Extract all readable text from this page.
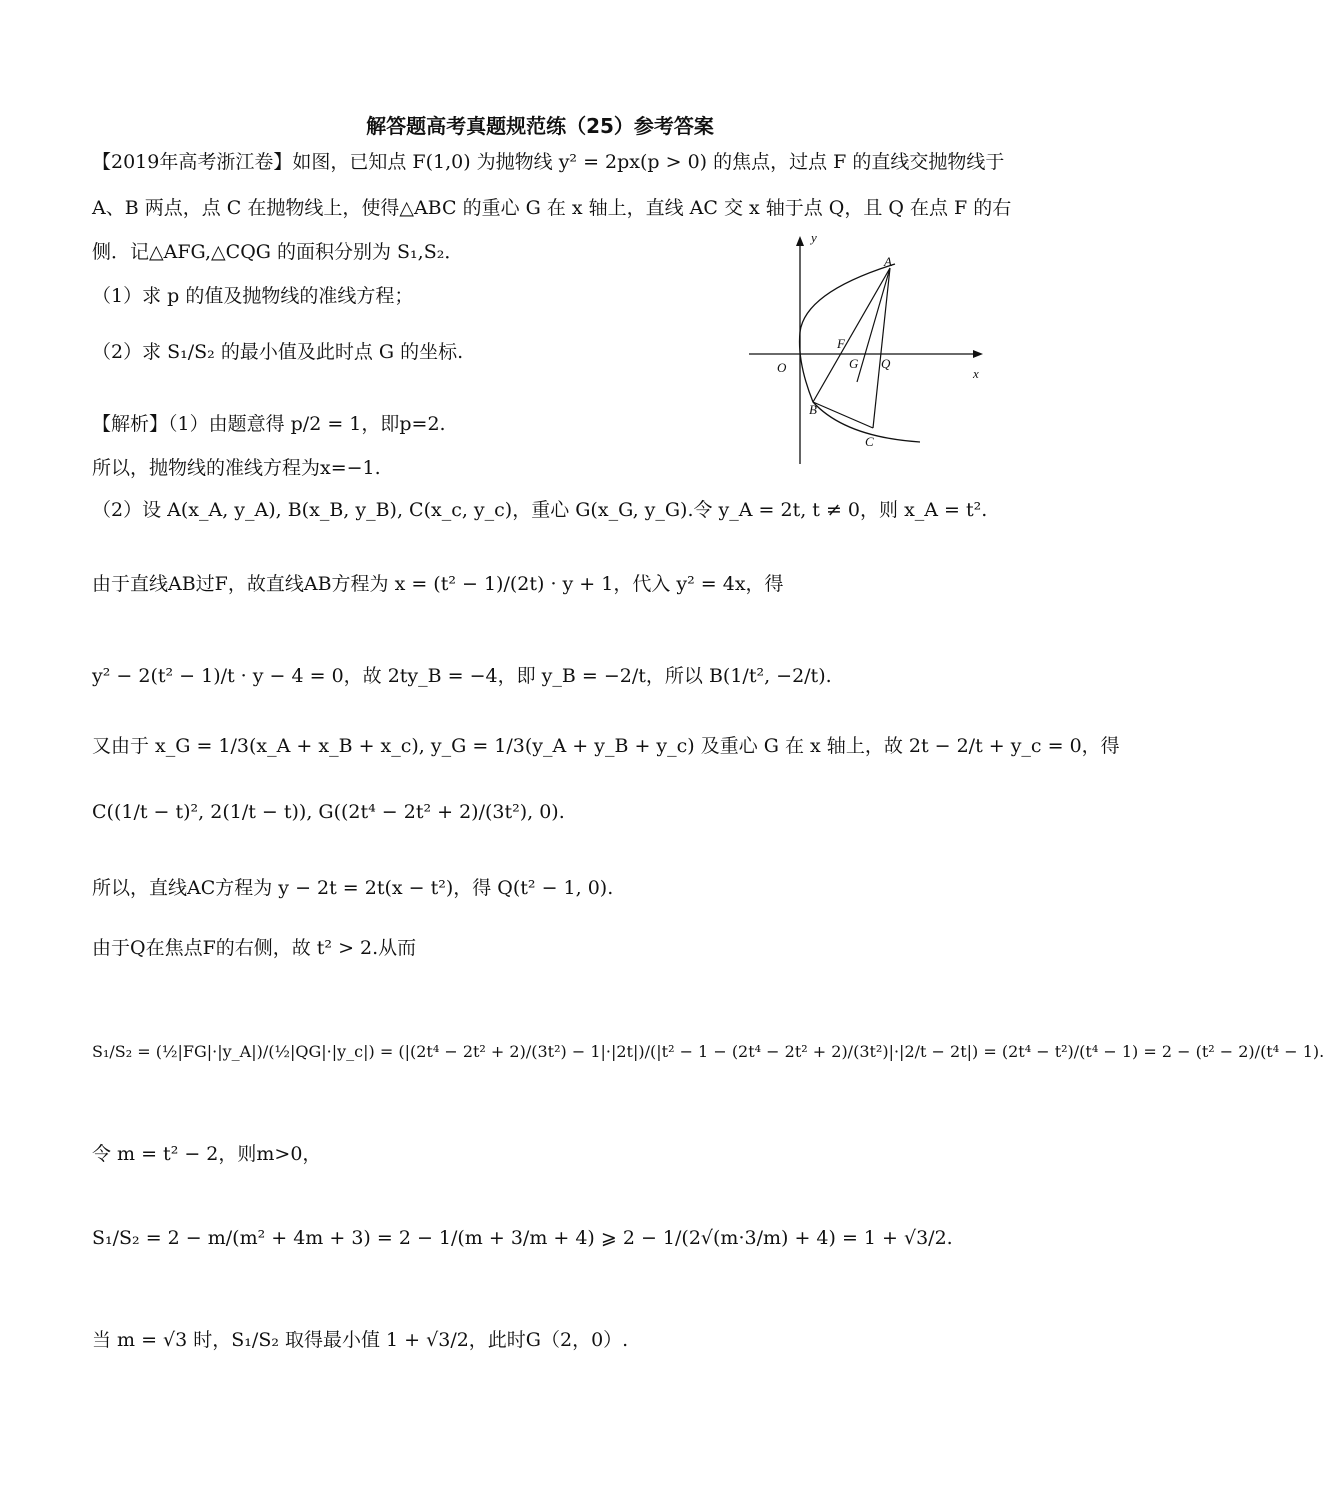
解答题高考真题规范练（25）参考答案
【2019年高考浙江卷】如图，已知点 F(1,0) 为抛物线 y² = 2px(p > 0) 的焦点，过点 F 的直线交抛物线于
A、B 两点，点 C 在抛物线上，使得△ABC 的重心 G 在 x 轴上，直线 AC 交 x 轴于点 Q，且 Q 在点 F 的右
侧．记△AFG,△CQG 的面积分别为 S₁,S₂．
（1）求 p 的值及抛物线的准线方程；
（2）求 S₁/S₂ 的最小值及此时点 G 的坐标.
y
x
O
A
B
C
F
G Q
【解析】（1）由题意得 p/2 = 1，即p=2.
所以，抛物线的准线方程为x=−1.
（2）设 A(x_A, y_A), B(x_B, y_B), C(x_c, y_c)，重心 G(x_G, y_G).令 y_A = 2t, t ≠ 0，则 x_A = t².
由于直线AB过F，故直线AB方程为 x = (t² − 1)/(2t) · y + 1，代入 y² = 4x，得
y² − 2(t² − 1)/t · y − 4 = 0，故 2ty_B = −4，即 y_B = −2/t，所以 B(1/t², −2/t).
又由于 x_G = 1/3(x_A + x_B + x_c), y_G = 1/3(y_A + y_B + y_c) 及重心 G 在 x 轴上，故 2t − 2/t + y_c = 0，得
C((1/t − t)², 2(1/t − t)), G((2t⁴ − 2t² + 2)/(3t²), 0).
所以，直线AC方程为 y − 2t = 2t(x − t²)，得 Q(t² − 1, 0).
由于Q在焦点F的右侧，故 t² > 2.从而
S₁/S₂ = (½|FG|·|y_A|)/(½|QG|·|y_c|) = (|(2t⁴ − 2t² + 2)/(3t²) − 1|·|2t|)/(|t² − 1 − (2t⁴ − 2t² + 2)/(3t²)|·|2/t − 2t|) = (2t⁴ − t²)/(t⁴ − 1) = 2 − (t² − 2)/(t⁴ − 1).
令 m = t² − 2，则m>0，
S₁/S₂ = 2 − m/(m² + 4m + 3) = 2 − 1/(m + 3/m + 4) ⩾ 2 − 1/(2√(m·3/m) + 4) = 1 + √3/2.
当 m = √3 时，S₁/S₂ 取得最小值 1 + √3/2，此时G（2，0）.
